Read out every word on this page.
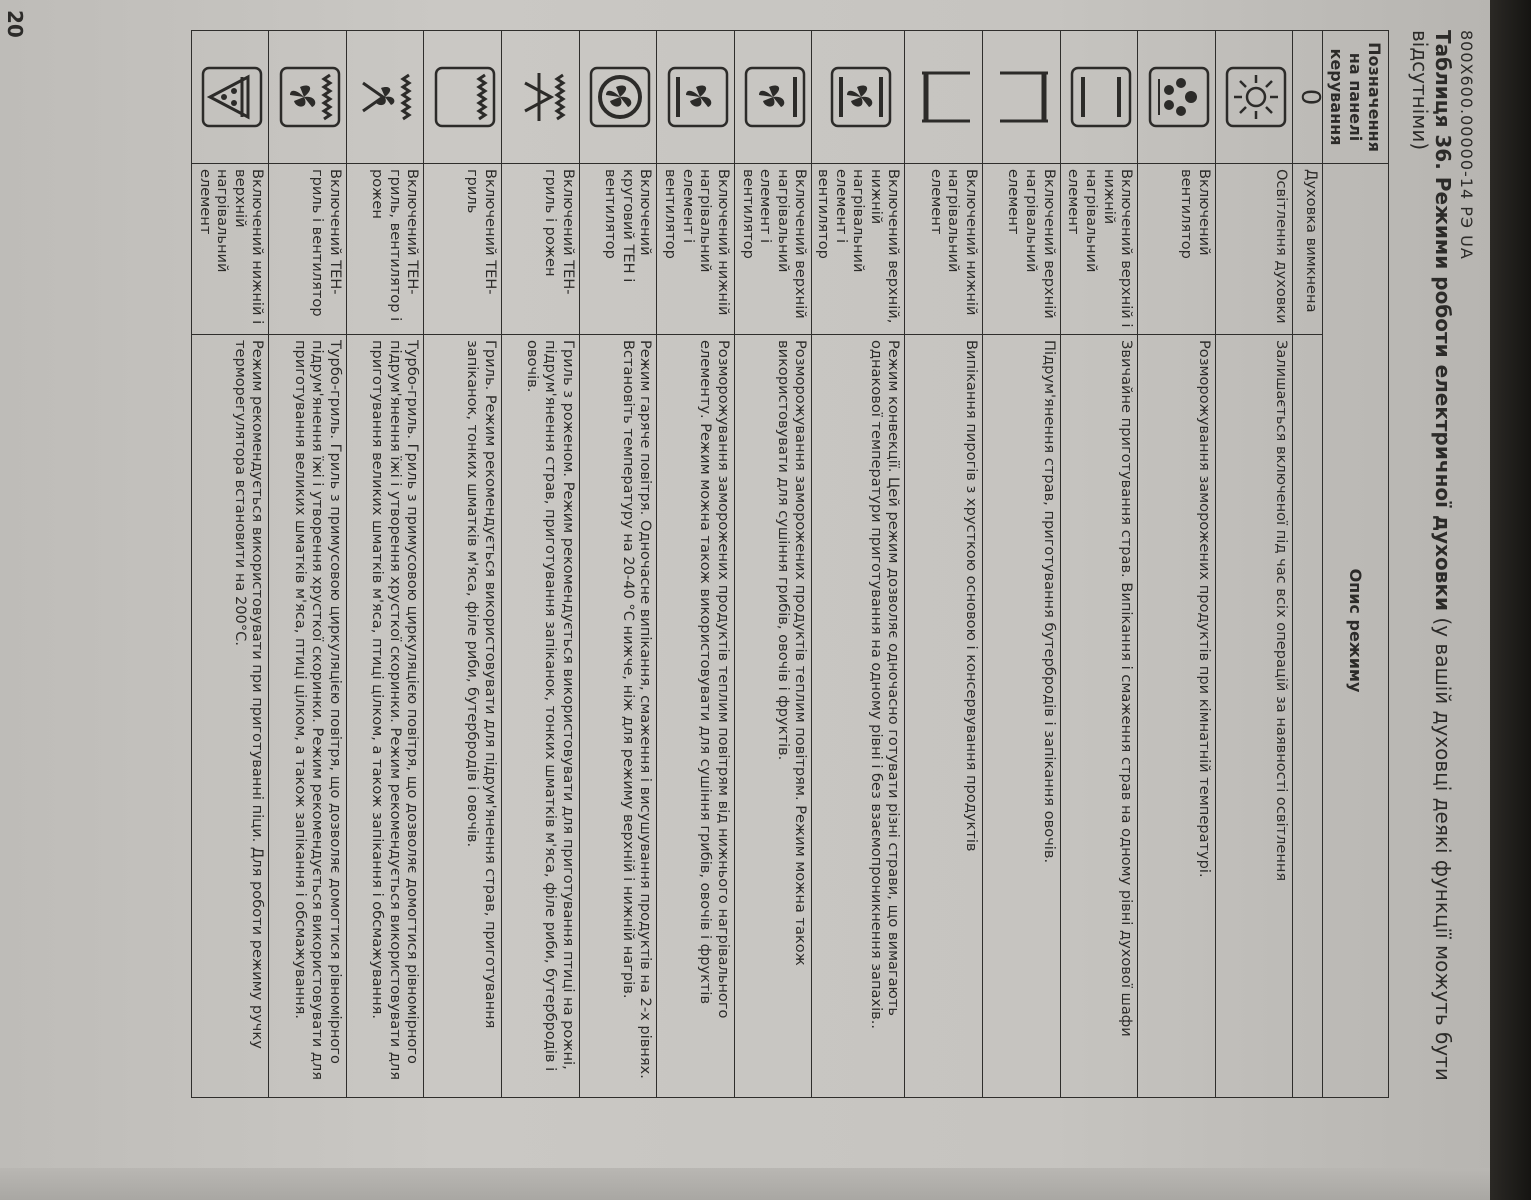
800X600.00000-14 РЭ UA
Таблиця 36. Режими роботи електричної духовки (у вашій духовці деякі функції можуть бути відсутніми)
Позначення на панелі керування	Опис режиму	
0	Духовка вимкнена	

	Освітлення духовки	Залишається включеної під час всіх операцій за наявності освітлення

	Включений вентилятор	Розморожування заморожених продуктів при кімнатній температурі.

	Включений верхній і нижній нагрівальний елемент	Звичайне приготування страв. Випікання і смаження страв на одному рівні духової шафи

	Включений верхній нагрівальний елемент	Підрум'янення страв, приготування бутербродів і запікання овочів.

	Включений нижній нагрівальний елемент	Випікання пирогів з хрусткою основою і консервування продуктів

	Включений верхній, нижній нагрівальний елемент і вентилятор	Режим конвекції. Цей режим дозволяє одночасно готувати різні страви, що вимагають однакової температури приготування на одному рівні і без взаємопроникнення запахів..

	Включений верхній нагрівальний елемент і вентилятор	Розморожування заморожених продуктів теплим повітрям. Режим можна також використовувати для сушіння грибів, овочів і фруктів.

	Включений нижній нагрівальний елемент і вентилятор	Розморожування заморожених продуктів теплим повітрям від нижнього нагрівального елементу. Режим можна також використовувати для сушіння грибів, овочів і фруктів

	Включений круговий ТЕН і вентилятор	Режим гаряче повітря. Одночасне випікання, смаження і висушування продуктів на 2-х рівнях. Встановіть температуру на 20-40 °С нижче, ніж для режиму верхній і нижній нагрів.

	Включений ТЕН-гриль і рожен	Гриль з роженом. Режим рекомендується використовувати для приготування птиці на рожні, підрум'янення страв, приготування запіканок, тонких шматків м'яса, філе риби, бутербродів і овочів.

	Включений ТЕН-гриль	Гриль. Режим рекомендується використовувати для підрум'янення страв, приготування запіканок, тонких шматків м'яса, філе риби, бутербродів і овочів.

	Включений ТЕН-гриль, вентилятор і рожен	Турбо-гриль. Гриль з примусовою циркуляцією повітря, що дозволяє домогтися рівномірного підрум'янення їжі і утворення хрусткої скоринки. Режим рекомендується використовувати для приготування великих шматків м'яса, птиці цілком, а також запікання і обсмажування.

	Включений ТЕН-гриль і вентилятор	Турбо-гриль. Гриль з примусовою циркуляцією повітря, що дозволяє домогтися рівномірного підрум'янення їжі і утворення хрусткої скоринки. Режим рекомендується використовувати для приготування великих шматків м'яса, птиці цілком, а також запікання і обсмажування.

	Включений нижній і верхній нагрівальний елемент	Режим рекомендується використовувати при приготуванні піци. Для роботи режиму ручку терморегулятора встановити на 200°С.
20
